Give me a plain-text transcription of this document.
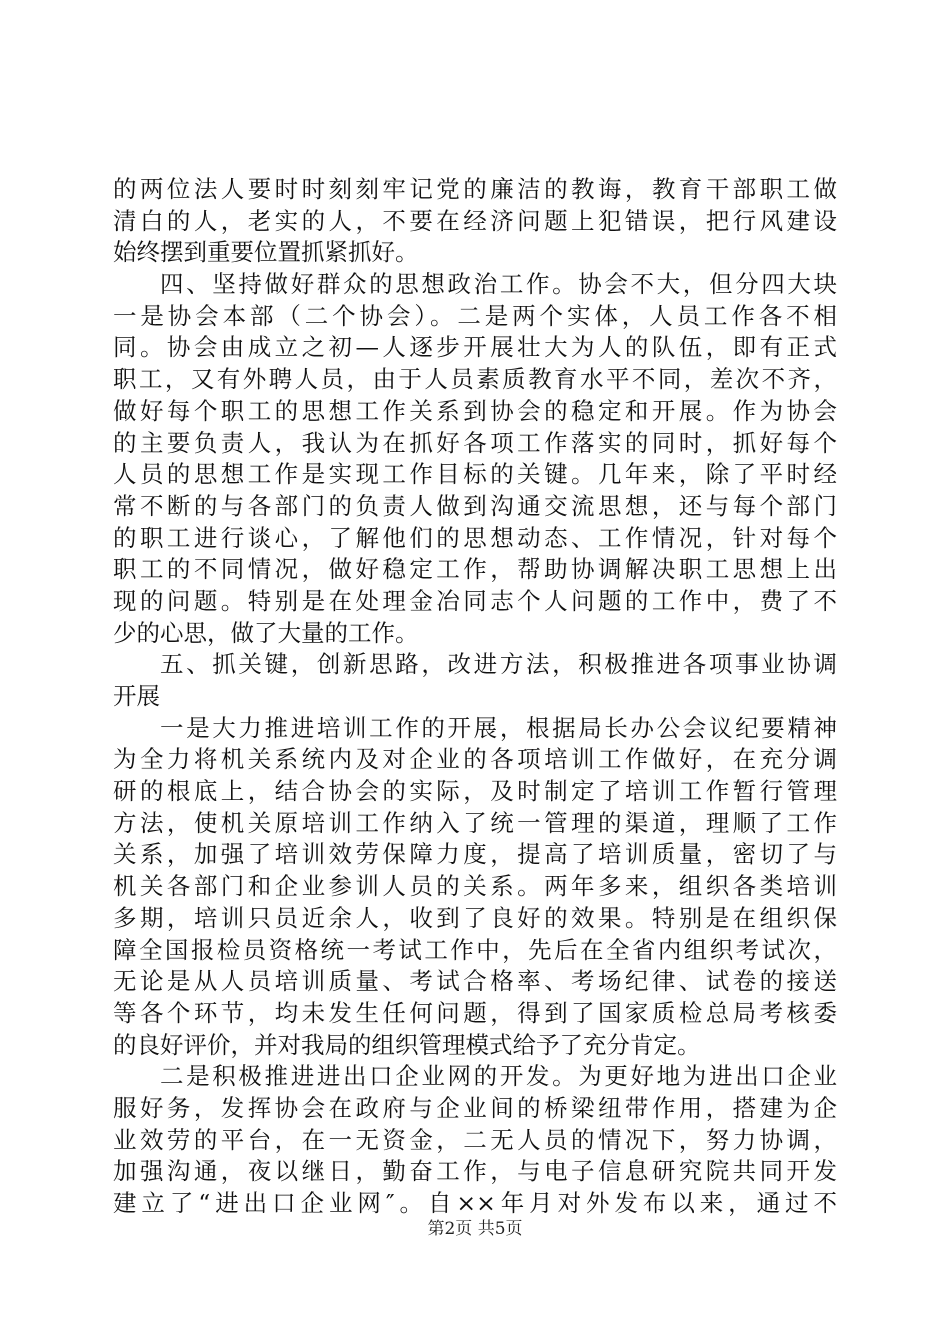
的两位法人要时时刻刻牢记党的廉洁的教诲，教育干部职工做
清白的人，老实的人，不要在经济问题上犯错误，把行风建设
始终摆到重要位置抓紧抓好。
四、坚持做好群众的思想政治工作。协会不大，但分四大块
一是协会本部（二个协会）。二是两个实体，人员工作各不相
同。协会由成立之初—人逐步开展壮大为人的队伍，即有正式
职工，又有外聘人员，由于人员素质教育水平不同，差次不齐，
做好每个职工的思想工作关系到协会的稳定和开展。作为协会
的主要负责人，我认为在抓好各项工作落实的同时，抓好每个
人员的思想工作是实现工作目标的关键。几年来，除了平时经
常不断的与各部门的负责人做到沟通交流思想，还与每个部门
的职工进行谈心，了解他们的思想动态、工作情况，针对每个
职工的不同情况，做好稳定工作，帮助协调解决职工思想上出
现的问题。特别是在处理金冶同志个人问题的工作中，费了不
少的心思，做了大量的工作。
五、抓关键，创新思路，改进方法，积极推进各项事业协调
开展
一是大力推进培训工作的开展，根据局长办公会议纪要精神
为全力将机关系统内及对企业的各项培训工作做好，在充分调
研的根底上，结合协会的实际，及时制定了培训工作暂行管理
方法，使机关原培训工作纳入了统一管理的渠道，理顺了工作
关系，加强了培训效劳保障力度，提高了培训质量，密切了与
机关各部门和企业参训人员的关系。两年多来，组织各类培训
多期，培训只员近余人，收到了良好的效果。特别是在组织保
障全国报检员资格统一考试工作中，先后在全省内组织考试次，
无论是从人员培训质量、考试合格率、考场纪律、试卷的接送
等各个环节，均未发生任何问题，得到了国家质检总局考核委
的良好评价，并对我局的组织管理模式给予了充分肯定。
二是积极推进进出口企业网的开发。为更好地为进出口企业
服好务，发挥协会在政府与企业间的桥梁纽带作用，搭建为企
业效劳的平台，在一无资金，二无人员的情况下，努力协调，
加强沟通，夜以继日，勤奋工作，与电子信息研究院共同开发
建立了“进出口企业网″。自××年月对外发布以来，通过不
第2页 共5页
